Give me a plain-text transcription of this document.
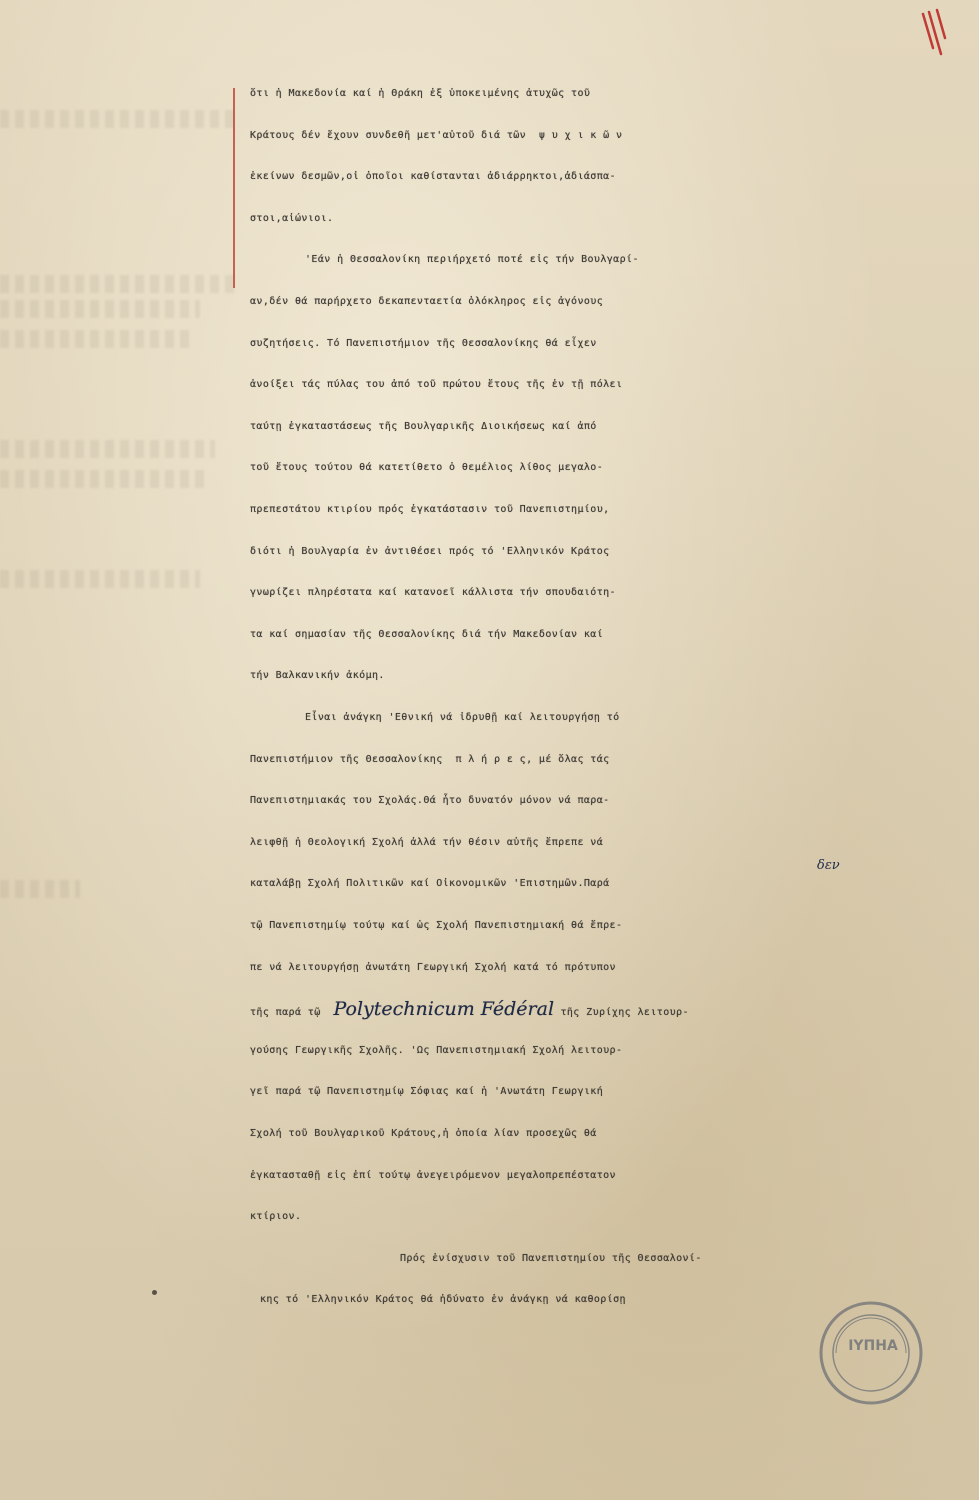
ὅτι ἡ Μακεδονία καί ἡ Θράκη ἐξ ὑποκειμένης ἀτυχῶς τοῦ
Κράτους δέν ἔχουν συνδεθῆ μετ'αὐτοῦ διά τῶν  ψ υ χ ι κ ῶ ν
ἐκείνων δεσμῶν,οἱ ὁποῖοι καθίστανται ἀδιάρρηκτοι,ἀδιάσπα-
στοι,αἰώνιοι.
'Εάν ἡ Θεσσαλονίκη περιήρχετό ποτέ εἰς τήν Βουλγαρί-
αν,δέν θά παρήρχετο δεκαπενταετία ὁλόκληρος εἰς ἀγόνους
συζητήσεις. Τό Πανεπιστήμιον τῆς Θεσσαλονίκης θά εἶχεν
ἀνοίξει τάς πύλας του ἀπό τοῦ πρώτου ἔτους τῆς ἐν τῇ πόλει
ταύτῃ ἐγκαταστάσεως τῆς Βουλγαρικῆς Διοικήσεως καί ἀπό
τοῦ ἔτους τούτου θά κατετίθετο ὁ θεμέλιος λίθος μεγαλο-
πρεπεστάτου κτιρίου πρός ἐγκατάστασιν τοῦ Πανεπιστημίου,
διότι ἡ Βουλγαρία ἐν ἀντιθέσει πρός τό 'Ελληνικόν Κράτος
γνωρίζει πληρέστατα καί κατανοεῖ κάλλιστα τήν σπουδαιότη-
τα καί σημασίαν τῆς Θεσσαλονίκης διά τήν Μακεδονίαν καί
τήν Βαλκανικήν ἀκόμη.
Εἶναι ἀνάγκη 'Εθνική νά ἱδρυθῇ καί λειτουργήσῃ τό
Πανεπιστήμιον τῆς Θεσσαλονίκης  π λ ή ρ ε ς, μέ ὅλας τάς
Πανεπιστημιακάς του Σχολάς.Θά ἦτο δυνατόν μόνον νά παρα-
λειφθῇ ἡ Θεολογική Σχολή ἀλλά τήν θέσιν αὐτῆς ἔπρεπε νά
καταλάβῃ Σχολή Πολιτικῶν καί Οἰκονομικῶν 'Επιστημῶν.Παρά
τῷ Πανεπιστημίῳ τούτῳ καί ὡς Σχολή Πανεπιστημιακή θά ἔπρε-
πε νά λειτουργήσῃ ἀνωτάτη Γεωργική Σχολή κατά τό πρότυπον
τῆς παρά τῷ Polytechnicum Fédéral τῆς Ζυρίχης λειτουρ-
γούσης Γεωργικῆς Σχολῆς. 'Ως Πανεπιστημιακή Σχολή λειτουρ-
γεῖ παρά τῷ Πανεπιστημίῳ Σόφιας καί ἡ 'Ανωτάτη Γεωργική
Σχολή τοῦ Βουλγαρικοῦ Κράτους,ἡ ὁποία λίαν προσεχῶς θά
ἐγκατασταθῇ εἰς ἐπί τούτῳ ἀνεγειρόμενον μεγαλοπρεπέστατον
κτίριον.
Πρός ἐνίσχυσιν τοῦ Πανεπιστημίου τῆς Θεσσαλονί-
κης τό 'Ελληνικόν Κράτος θά ἠδύνατο ἐν ἀνάγκῃ νά καθορίσῃ
δεν
ΙΥΠΗΑ
